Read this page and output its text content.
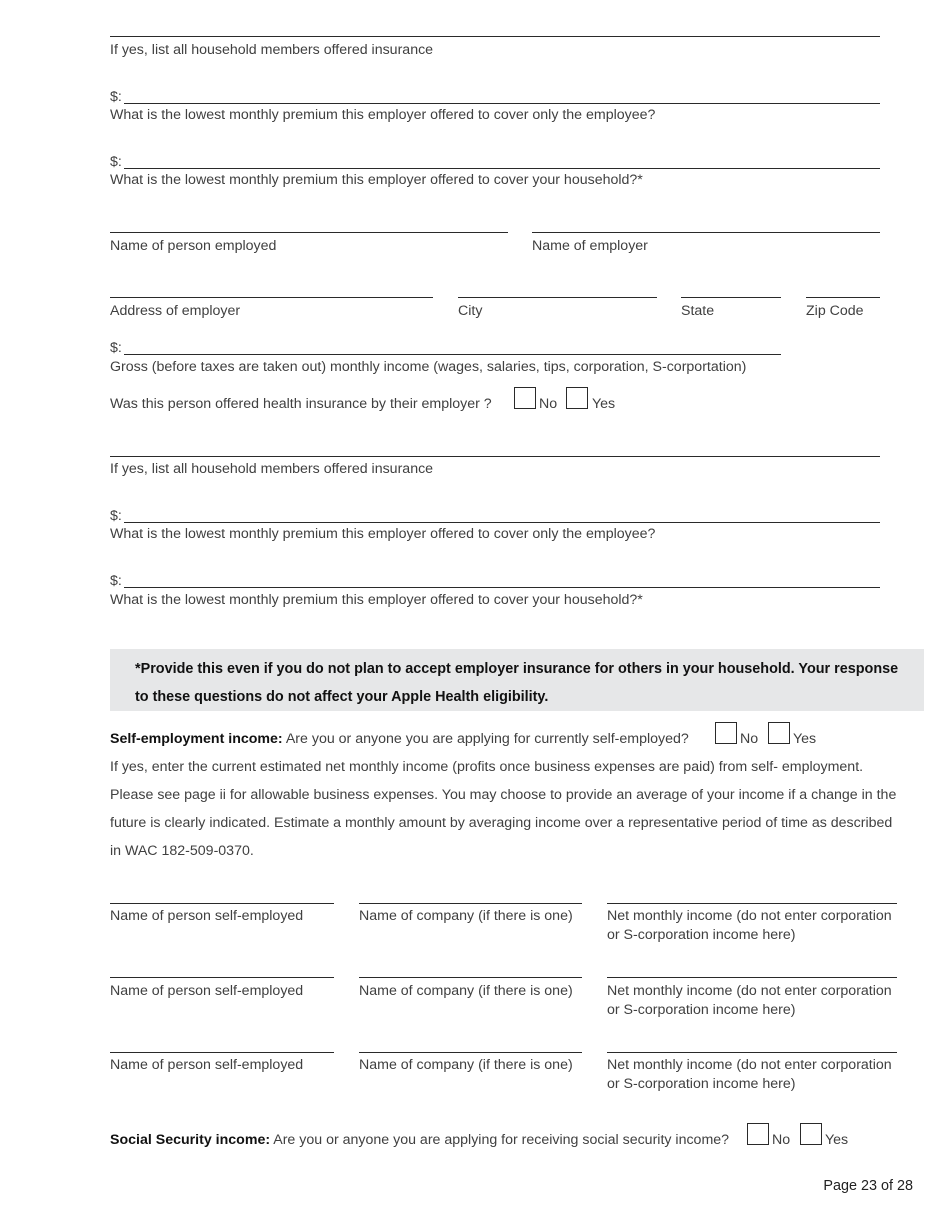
If yes, list all household members offered insurance
$:
What is the lowest monthly premium this employer offered to cover only the employee?
$:
What is the lowest monthly premium this employer offered to cover your household?*
Name of person employed	Name of employer
Address of employer	City	State	Zip Code
$:
Gross (before taxes are taken out) monthly income (wages, salaries, tips, corporation, S-corportation)
Was this person offered health insurance by their employer ?	No Yes
If yes, list all household members offered insurance
$:
What is the lowest monthly premium this employer offered to cover only the employee?
$:
What is the lowest monthly premium this employer offered to cover your household?*
*Provide this even if you do not plan to accept employer insurance for others in your household. Your response to these questions do not affect your Apple Health eligibility.
Self-employment income: Are you or anyone you are applying for currently self-employed?	No Yes
If yes, enter the current estimated net monthly income (profits once business expenses are paid) from self- employment. Please see page ii for allowable business expenses. You may choose to provide an average of your income if a change in the future is clearly indicated. Estimate a monthly amount by averaging income over a representative period of time as described in WAC 182-509-0370.
Name of person self-employed	Name of company (if there is one) Net monthly income (do not enter corporation
or S-corporation income here)
Name of person self-employed	Name of company (if there is one) Net monthly income (do not enter corporation
or S-corporation income here)
Name of person self-employed	Name of company (if there is one) Net monthly income (do not enter corporation
or S-corporation income here)
Social Security income: Are you or anyone you are applying for receiving social security income?	No Yes
Page 23 of 28
